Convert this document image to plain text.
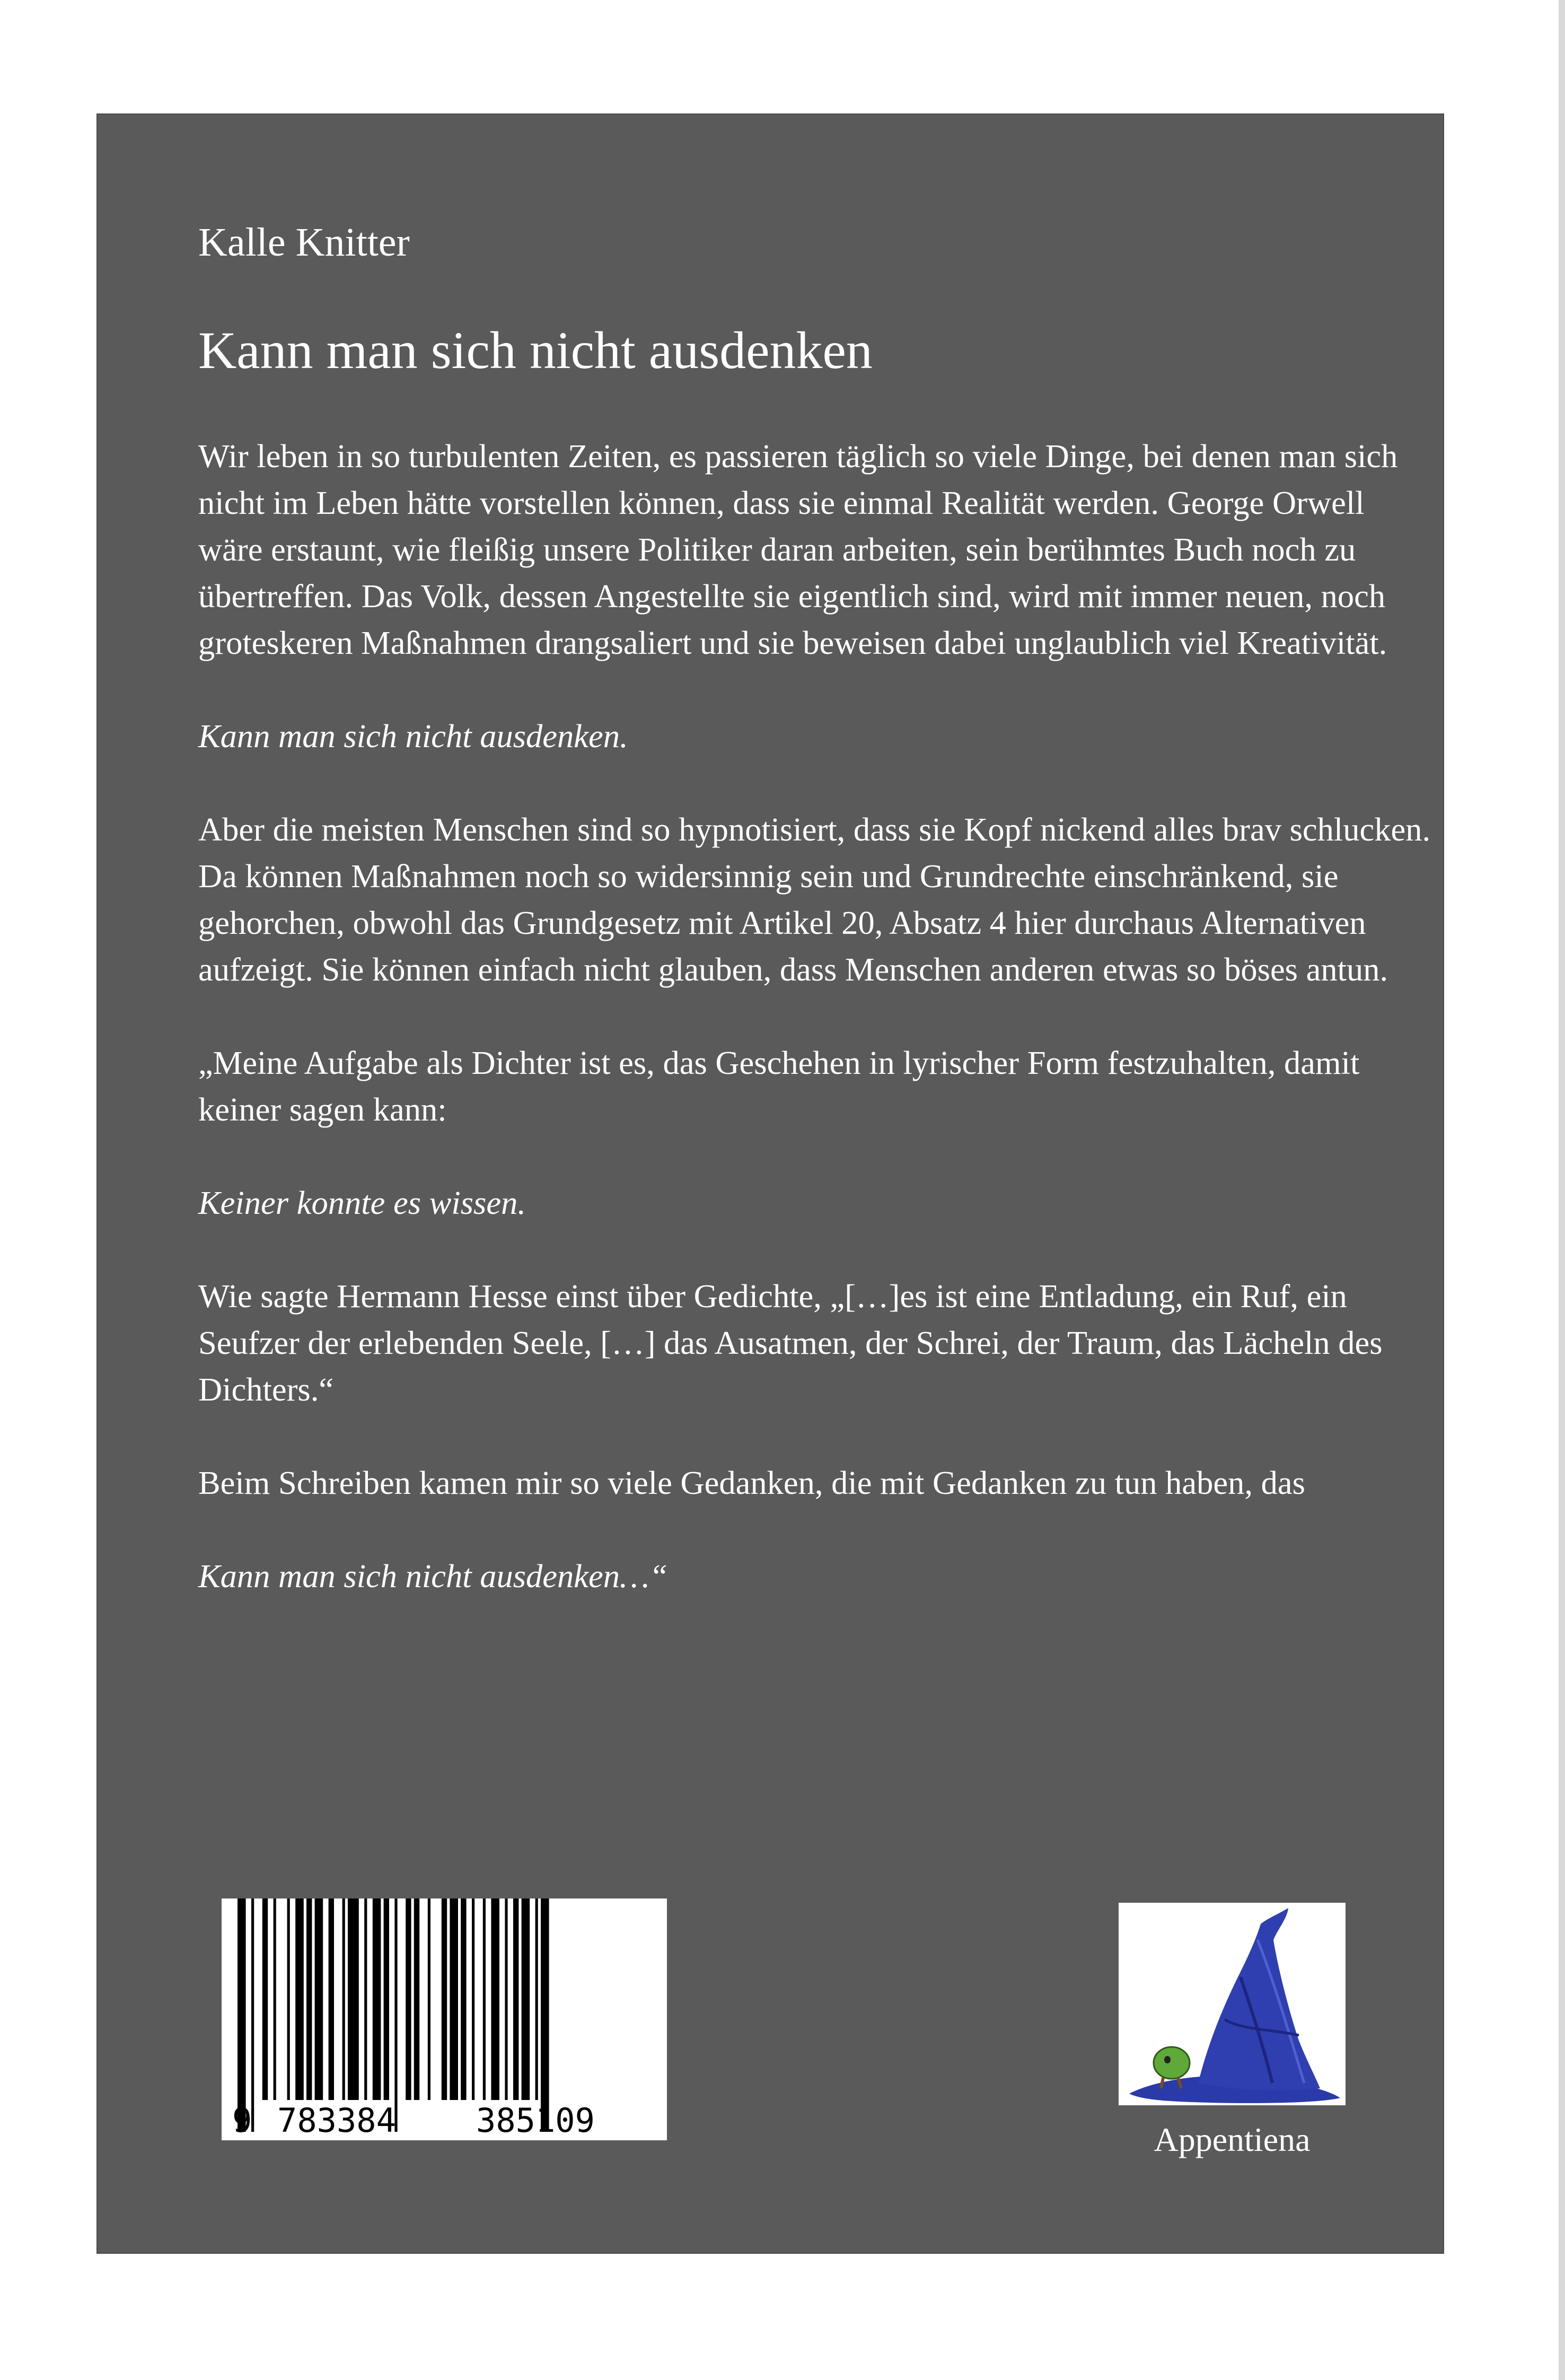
Kalle Knitter
Kann man sich nicht ausdenken

Wir leben in so turbulenten Zeiten, es passieren täglich so viele Dinge, bei denen man sich nicht im Leben hätte vorstellen können, dass sie einmal Realität werden. George Orwell wäre erstaunt, wie fleißig unsere Politiker daran arbeiten, sein berühmtes Buch noch zu übertreffen. Das Volk, dessen Angestellte sie eigentlich sind, wird mit immer neuen, noch groteskeren Maßnahmen drangsaliert und sie beweisen dabei unglaublich viel Kreativität.

Kann man sich nicht ausdenken.

Aber die meisten Menschen sind so hypnotisiert, dass sie Kopf nickend alles brav schlucken. Da können Maßnahmen noch so widersinnig sein und Grundrechte einschränkend, sie gehorchen, obwohl das Grundgesetz mit Artikel 20, Absatz 4 hier durchaus Alternativen aufzeigt. Sie können einfach nicht glauben, dass Menschen anderen etwas so böses antun.

„Meine Aufgabe als Dichter ist es, das Geschehen in lyrischer Form festzuhalten, damit keiner sagen kann:

Keiner konnte es wissen.

Wie sagte Hermann Hesse einst über Gedichte, „[…]es ist eine Entladung, ein Ruf, ein Seufzer der erlebenden Seele, […] das Ausatmen, der Schrei, der Traum, das Lächeln des Dichters.“

Beim Schreiben kamen mir so viele Gedanken, die mit Gedanken zu tun haben, das

Kann man sich nicht ausdenken…“

9 783384 385109	Appentiena
